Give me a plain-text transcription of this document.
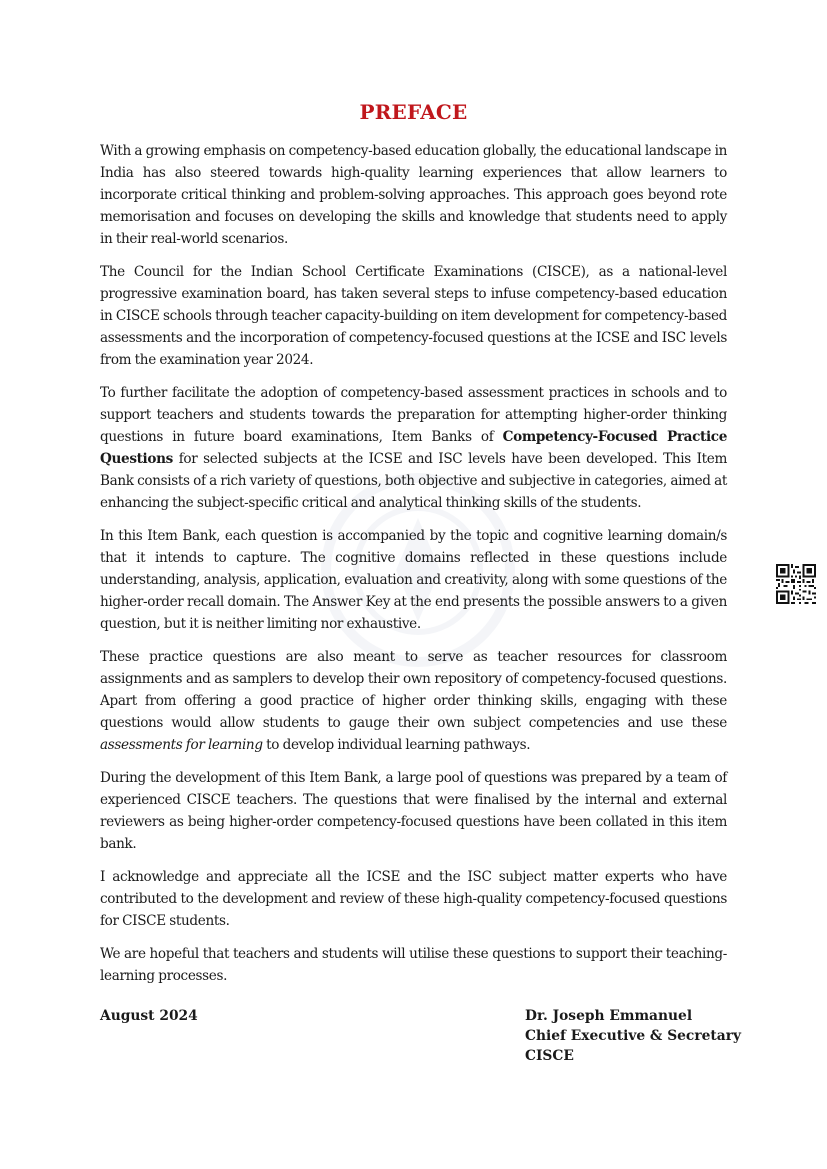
PREFACE

With a growing emphasis on competency-based education globally, the educational landscape in India has also steered towards high-quality learning experiences that allow learners to incorporate critical thinking and problem-solving approaches. This approach goes beyond rote memorisation and focuses on developing the skills and knowledge that students need to apply in their real-world scenarios.

The Council for the Indian School Certificate Examinations (CISCE), as a national-level progressive examination board, has taken several steps to infuse competency-based education in CISCE schools through teacher capacity-building on item development for competency-based assessments and the incorporation of competency-focused questions at the ICSE and ISC levels from the examination year 2024.

To further facilitate the adoption of competency-based assessment practices in schools and to support teachers and students towards the preparation for attempting higher-order thinking questions in future board examinations, Item Banks of Competency-Focused Practice Questions for selected subjects at the ICSE and ISC levels have been developed. This Item Bank consists of a rich variety of questions, both objective and subjective in categories, aimed at enhancing the subject-specific critical and analytical thinking skills of the students.

In this Item Bank, each question is accompanied by the topic and cognitive learning domain/s that it intends to capture. The cognitive domains reflected in these questions include understanding, analysis, application, evaluation and creativity, along with some questions of the higher-order recall domain. The Answer Key at the end presents the possible answers to a given question, but it is neither limiting nor exhaustive.

These practice questions are also meant to serve as teacher resources for classroom assignments and as samplers to develop their own repository of competency-focused questions. Apart from offering a good practice of higher order thinking skills, engaging with these questions would allow students to gauge their own subject competencies and use these assessments for learning to develop individual learning pathways.

During the development of this Item Bank, a large pool of questions was prepared by a team of experienced CISCE teachers. The questions that were finalised by the internal and external reviewers as being higher-order competency-focused questions have been collated in this item bank.

I acknowledge and appreciate all the ICSE and the ISC subject matter experts who have contributed to the development and review of these high-quality competency-focused questions for CISCE students.

We are hopeful that teachers and students will utilise these questions to support their teaching-learning processes.

August 2024	Dr. Joseph Emmanuel
Chief Executive & Secretary
CISCE
